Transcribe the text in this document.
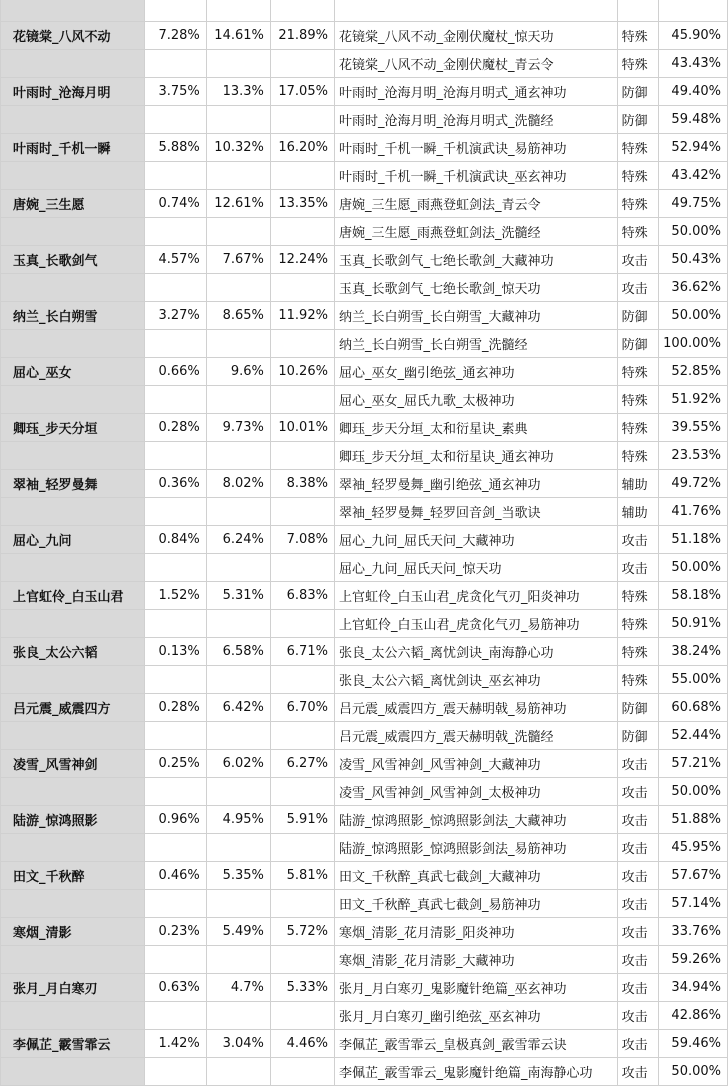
花镜棠_八风不动	7.28%	14.61%	21.89%	花镜棠_八风不动_金刚伏魔杖_惊天功	特殊	45.90%
				花镜棠_八风不动_金刚伏魔杖_青云令	特殊	43.43%
叶雨时_沧海月明	3.75%	13.3%	17.05%	叶雨时_沧海月明_沧海月明式_通玄神功	防御	49.40%
				叶雨时_沧海月明_沧海月明式_洗髓经	防御	59.48%
叶雨时_千机一瞬	5.88%	10.32%	16.20%	叶雨时_千机一瞬_千机演武诀_易筋神功	特殊	52.94%
				叶雨时_千机一瞬_千机演武诀_巫玄神功	特殊	43.42%
唐婉_三生愿	0.74%	12.61%	13.35%	唐婉_三生愿_雨燕登虹剑法_青云令	特殊	49.75%
				唐婉_三生愿_雨燕登虹剑法_洗髓经	特殊	50.00%
玉真_长歌剑气	4.57%	7.67%	12.24%	玉真_长歌剑气_七绝长歌剑_大藏神功	攻击	50.43%
				玉真_长歌剑气_七绝长歌剑_惊天功	攻击	36.62%
纳兰_长白朔雪	3.27%	8.65%	11.92%	纳兰_长白朔雪_长白朔雪_大藏神功	防御	50.00%
				纳兰_长白朔雪_长白朔雪_洗髓经	防御	100.00%
屈心_巫女	0.66%	9.6%	10.26%	屈心_巫女_幽引绝弦_通玄神功	特殊	52.85%
				屈心_巫女_屈氏九歌_太极神功	特殊	51.92%
卿珏_步天分垣	0.28%	9.73%	10.01%	卿珏_步天分垣_太和衍星诀_素典	特殊	39.55%
				卿珏_步天分垣_太和衍星诀_通玄神功	特殊	23.53%
翠袖_轻罗曼舞	0.36%	8.02%	8.38%	翠袖_轻罗曼舞_幽引绝弦_通玄神功	辅助	49.72%
				翠袖_轻罗曼舞_轻罗回音剑_当歌诀	辅助	41.76%
屈心_九问	0.84%	6.24%	7.08%	屈心_九问_屈氏天问_大藏神功	攻击	51.18%
				屈心_九问_屈氏天问_惊天功	攻击	50.00%
上官虹伶_白玉山君	1.52%	5.31%	6.83%	上官虹伶_白玉山君_虎贪化气刃_阳炎神功	特殊	58.18%
				上官虹伶_白玉山君_虎贪化气刃_易筋神功	特殊	50.91%
张良_太公六韬	0.13%	6.58%	6.71%	张良_太公六韬_离忧剑诀_南海静心功	特殊	38.24%
				张良_太公六韬_离忧剑诀_巫玄神功	特殊	55.00%
吕元震_威震四方	0.28%	6.42%	6.70%	吕元震_威震四方_震天赫明戟_易筋神功	防御	60.68%
				吕元震_威震四方_震天赫明戟_洗髓经	防御	52.44%
凌雪_风雪神剑	0.25%	6.02%	6.27%	凌雪_风雪神剑_风雪神剑_大藏神功	攻击	57.21%
				凌雪_风雪神剑_风雪神剑_太极神功	攻击	50.00%
陆游_惊鸿照影	0.96%	4.95%	5.91%	陆游_惊鸿照影_惊鸿照影剑法_大藏神功	攻击	51.88%
				陆游_惊鸿照影_惊鸿照影剑法_易筋神功	攻击	45.95%
田文_千秋醉	0.46%	5.35%	5.81%	田文_千秋醉_真武七截剑_大藏神功	攻击	57.67%
				田文_千秋醉_真武七截剑_易筋神功	攻击	57.14%
寒烟_清影	0.23%	5.49%	5.72%	寒烟_清影_花月清影_阳炎神功	攻击	33.76%
				寒烟_清影_花月清影_大藏神功	攻击	59.26%
张月_月白寒刃	0.63%	4.7%	5.33%	张月_月白寒刃_鬼影魔针绝篇_巫玄神功	攻击	34.94%
				张月_月白寒刃_幽引绝弦_巫玄神功	攻击	42.86%
李佩芷_霰雪霏云	1.42%	3.04%	4.46%	李佩芷_霰雪霏云_皇极真剑_霰雪霏云诀	攻击	59.46%
				李佩芷_霰雪霏云_鬼影魔针绝篇_南海静心功	攻击	50.00%
